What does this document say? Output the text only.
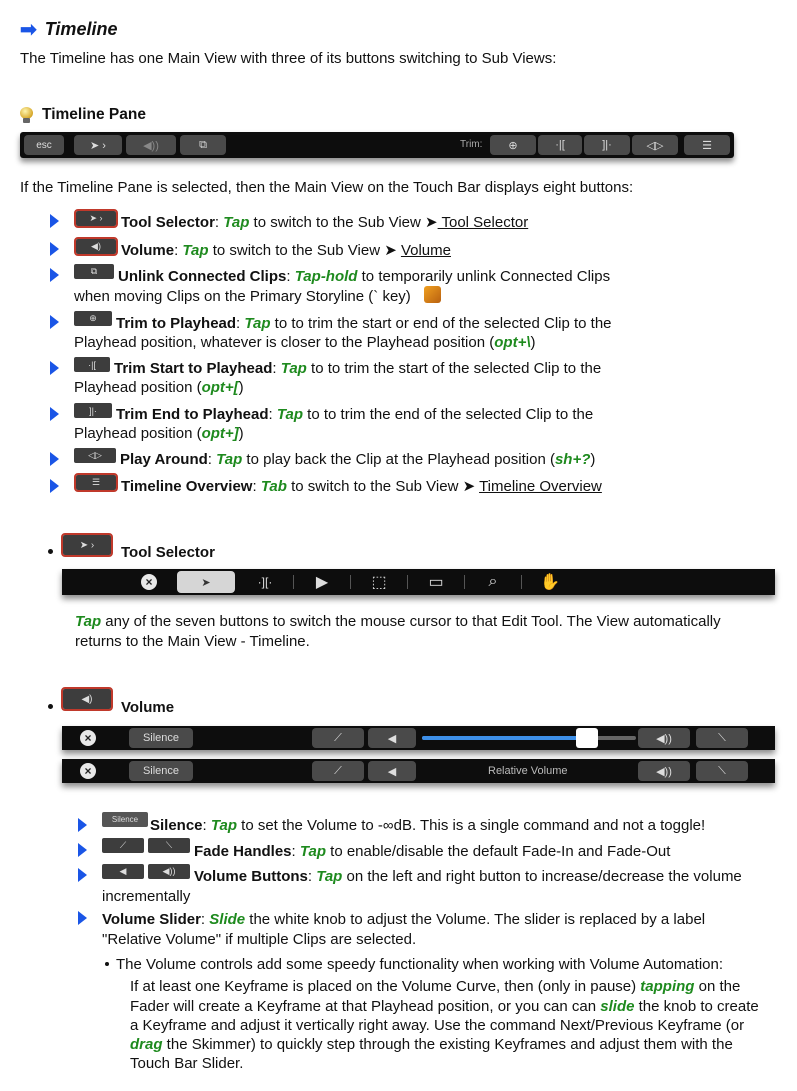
➡ Timeline
The Timeline has one Main View with three of its buttons switching to Sub Views:
Timeline Pane
esc	➤ ›	◀))	⧉	Trim: ⊕	·|[	]|·	◁▷	☰
If the Timeline Pane is selected, then the Main View on the Touch Bar displays eight buttons:
➤ › Tool Selector: Tap to switch to the Sub View ➤ Tool Selector
◀) Volume: Tap to switch to the Sub View ➤ Volume
⧉ Unlink Connected Clips: Tap-hold to temporarily unlink Connected Clips
when moving Clips on the Primary Storyline (` key)
⊕ Trim to Playhead: Tap to to trim the start or end of the selected Clip to the
Playhead position, whatever is closer to the Playhead position (opt+\)
·|[ Trim Start to Playhead: Tap to to trim the start of the selected Clip to the
Playhead position (opt+[)
]|· Trim End to Playhead: Tap to to trim the end of the selected Clip to the
Playhead position (opt+])
◁▷ Play Around: Tap to play back the Clip at the Playhead position (sh+?)
☰ Timeline Overview: Tab to switch to the Sub View ➤ Timeline Overview
➤ › Tool Selector
×	➤	·][·	▶	⬚	▭	⌕	✋
Tap any of the seven buttons to switch the mouse cursor to that Edit Tool. The View automatically
returns to the Main View - Timeline.
◀) Volume
×	Silence	⟋	◀	◀))	⟍
×	Silence	⟋	◀	Relative Volume	◀))	⟍
Silence Silence: Tap to set the Volume to -∞dB. This is a single command and not a toggle!
⟋	⟍ Fade Handles: Tap to enable/disable the default Fade-In and Fade-Out
◀	◀)) Volume Buttons: Tap on the left and right button to increase/decrease the volume
incrementally
Volume Slider: Slide the white knob to adjust the Volume. The slider is replaced by a label
"Relative Volume" if multiple Clips are selected.
The Volume controls add some speedy functionality when working with Volume Automation:
If at least one Keyframe is placed on the Volume Curve, then (only in pause) tapping on the
Fader will create a Keyframe at that Playhead position, or you can can slide the knob to create
a Keyframe and adjust it vertically right away. Use the command Next/Previous Keyframe (or
drag the Skimmer) to quickly step through the existing Keyframes and adjust them with the
Touch Bar Slider.
